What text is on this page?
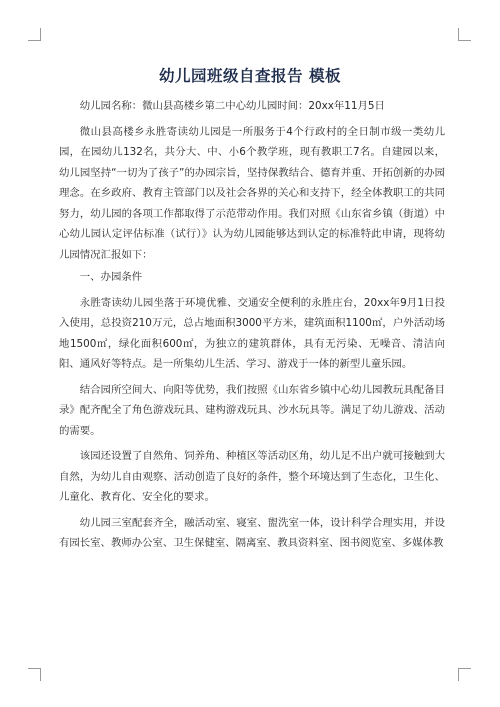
幼儿园班级自查报告 模板

幼儿园名称：微山县高楼乡第二中心幼儿园时间：20xx年11月5日

微山县高楼乡永胜寄读幼儿园是一所服务于4个行政村的全日制市级一类幼儿园，在园幼儿132名，共分大、中、小6个教学班，现有教职工7名。自建园以来，幼儿园坚持“一切为了孩子”的办园宗旨，坚持保教结合、德育并重、开拓创新的办园理念。在乡政府、教育主管部门以及社会各界的关心和支持下，经全体教职工的共同努力，幼儿园的各项工作都取得了示范带动作用。我们对照《山东省乡镇（街道）中心幼儿园认定评估标准（试行）》认为幼儿园能够达到认定的标准特此申请，现将幼儿园情况汇报如下：

一、办园条件

永胜寄读幼儿园坐落于环境优雅、交通安全便利的永胜庄台，20xx年9月1日投入使用，总投资210万元，总占地面积3000平方米，建筑面积1100㎡，户外活动场地1500㎡，绿化面积600㎡，为独立的建筑群体，具有无污染、无噪音、清洁向阳、通风好等特点。是一所集幼儿生活、学习、游戏于一体的新型儿童乐园。

结合园所空间大、向阳等优势，我们按照《山东省乡镇中心幼儿园教玩具配备目录》配齐配全了角色游戏玩具、建构游戏玩具、沙水玩具等。满足了幼儿游戏、活动的需要。

该园还设置了自然角、饲养角、种植区等活动区角，幼儿足不出户就可接触到大自然，为幼儿自由观察、活动创造了良好的条件，整个环境达到了生态化，卫生化、儿童化、教育化、安全化的要求。

幼儿园三室配套齐全，融活动室、寝室、盥洗室一体，设计科学合理实用，并设有园长室、教师办公室、卫生保健室、隔离室、教具资料室、图书阅览室、多媒体教
